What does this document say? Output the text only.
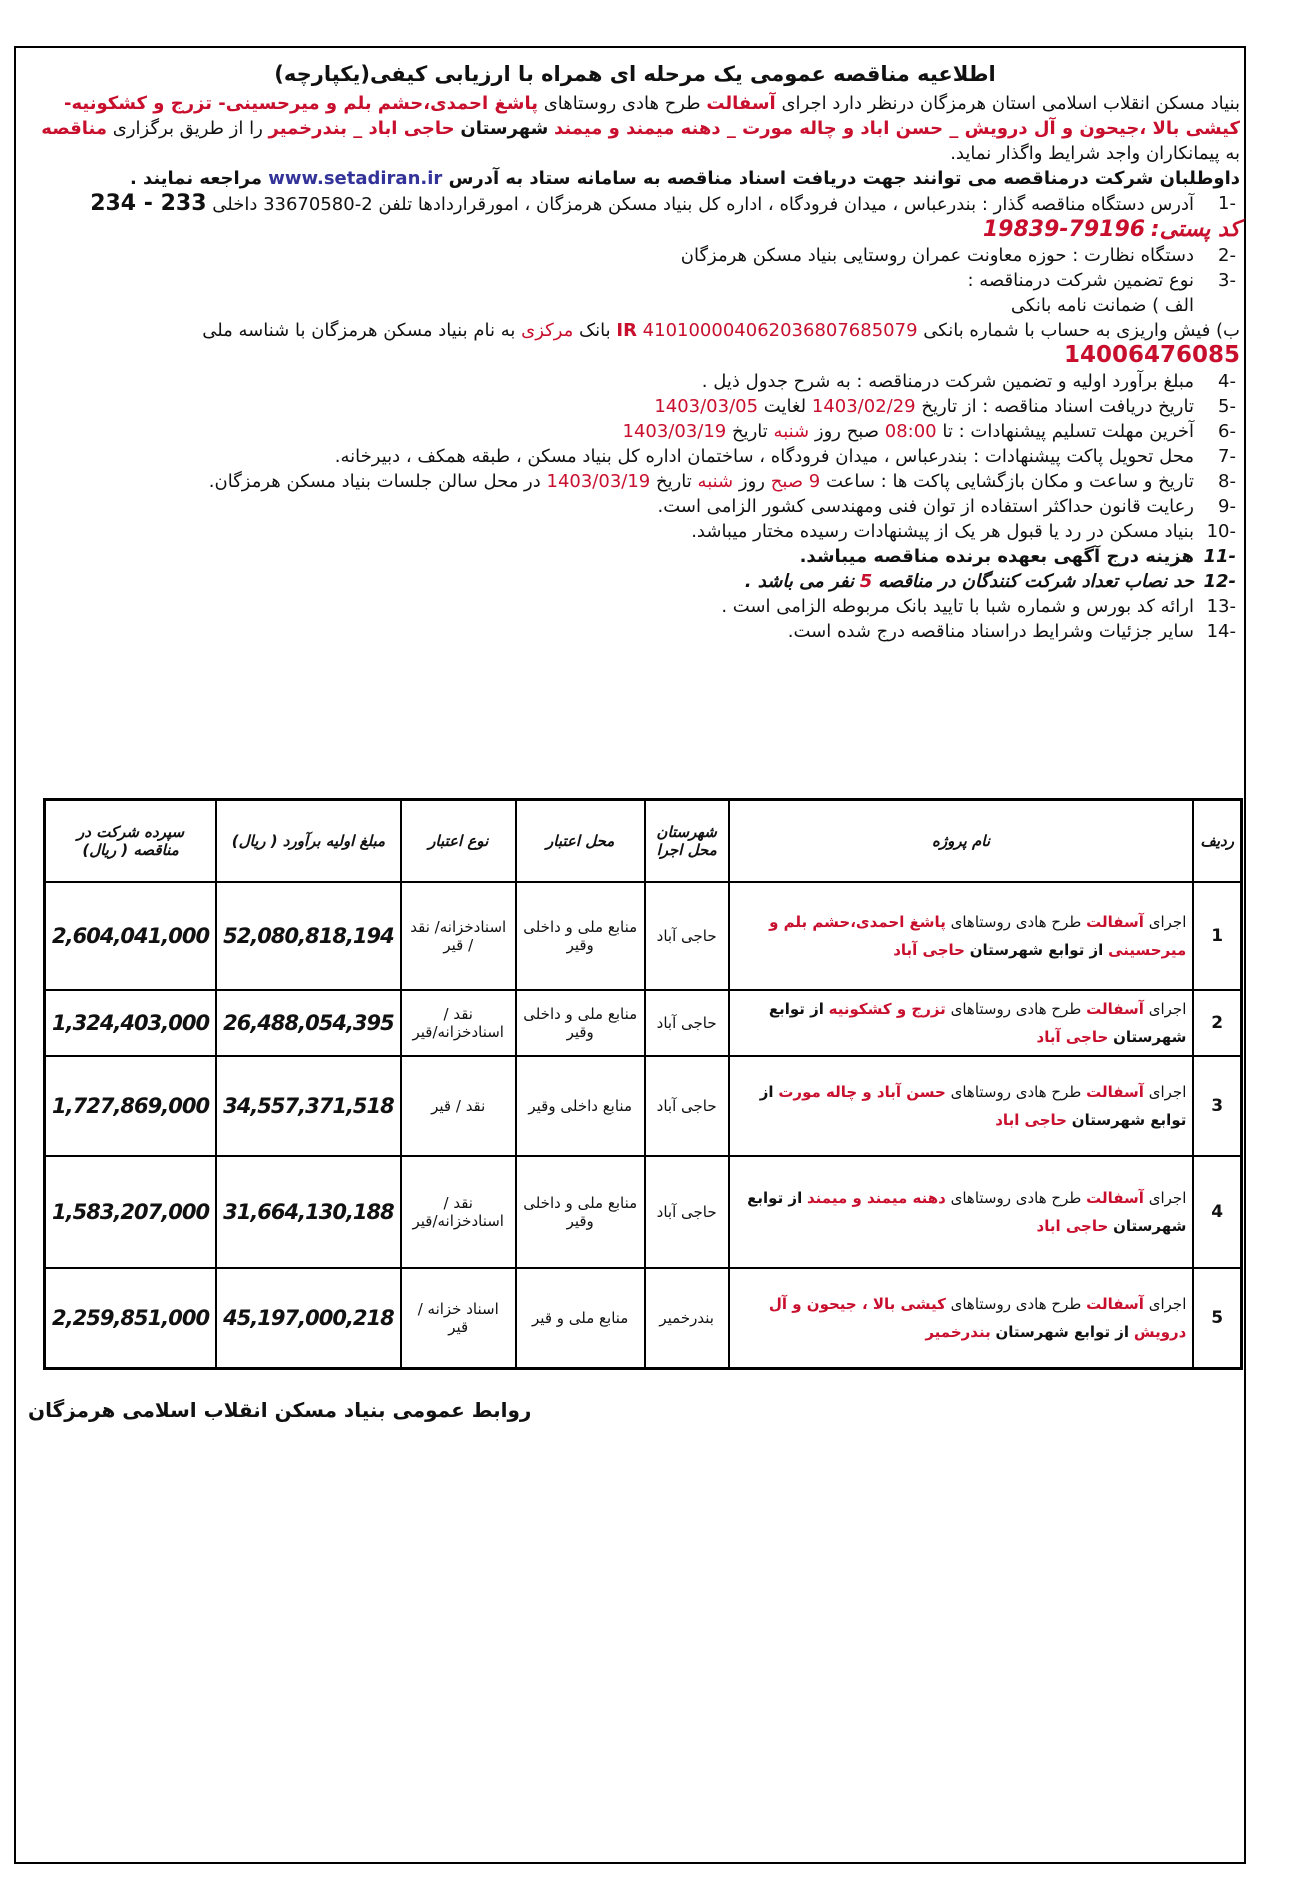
اطلاعیه مناقصه عمومی یک مرحله ای همراه با ارزیابی کیفی(یکپارچه)

بنیاد مسکن انقلاب اسلامی استان هرمزگان درنظر دارد اجرای آسفالت طرح هادی روستاهای پاشغ احمدی،حشم بلم و میرحسینی- تزرج و کشکونیه- کیشی بالا ،جیحون و آل درویش _ حسن اباد و چاله مورت _ دهنه میمند و میمند شهرستان حاجی اباد _ بندرخمیر را از طریق برگزاری مناقصه به پیمانکاران واجد شرایط واگذار نماید.

داوطلبان شرکت درمناقصه می توانند جهت دریافت اسناد مناقصه به سامانه ستاد به آدرس www.setadiran.ir مراجعه نمایند .

-1
آدرس دستگاه مناقصه گذار : بندرعباس ، میدان فرودگاه ، اداره کل بنیاد مسکن هرمزگان ، امورقراردادها تلفن 2-33670580 داخلی 233 - 234
کد پستی: 79196-19839
-2
دستگاه نظارت : حوزه معاونت عمران روستایی بنیاد مسکن هرمزگان
-3
نوع تضمین شرکت درمناقصه :
الف ) ضمانت نامه بانکی
ب) فیش واریزی به حساب با شماره بانکی IR 410100004062036807685079 بانک مرکزی به نام بنیاد مسکن هرمزگان با شناسه ملی 14006476085
-4
مبلغ برآورد اولیه و تضمین شرکت درمناقصه : به شرح جدول ذیل .
-5
تاریخ دریافت اسناد مناقصه : از تاریخ 1403/02/29 لغایت 1403/03/05
-6
آخرین مهلت تسلیم پیشنهادات : تا 08:00 صبح روز شنبه تاریخ 1403/03/19
-7
محل تحویل پاکت پیشنهادات : بندرعباس ، میدان فرودگاه ، ساختمان اداره کل بنیاد مسکن ، طبقه همکف ، دبیرخانه.
-8
تاریخ و ساعت و مکان بازگشایی پاکت ها : ساعت 9 صبح روز شنبه تاریخ 1403/03/19 در محل سالن جلسات بنیاد مسکن هرمزگان.
-9
رعایت قانون حداکثر استفاده از توان فنی ومهندسی کشور الزامی است.
-10
بنیاد مسکن در رد یا قبول هر یک از پیشنهادات رسیده مختار میباشد.
-11
هزینه درج آگهی بعهده برنده مناقصه میباشد.
-12
حد نصاب تعداد شرکت کنندگان در مناقصه 5 نفر می باشد .
-13
ارائه کد بورس و شماره شبا با تایید بانک مربوطه الزامی است .
-14
سایر جزئیات وشرایط دراسناد مناقصه درج شده است.
ردیف	نام پروژه	شهرستان محل اجرا	محل اعتبار	نوع اعتبار	مبلغ اولیه برآورد ( ریال)	سپرده شرکت در مناقصه ( ریال)
1	اجرای آسفالت طرح هادی روستاهای پاشغ احمدی،حشم بلم و میرحسینی از توابع شهرستان حاجی آباد	حاجی آباد	منابع ملی و داخلی وقیر	اسنادخزانه/ نقد / قیر	52,080,818,194	2,604,041,000
2	اجرای آسفالت طرح هادی روستاهای تزرج و کشکونیه از توابع شهرستان حاجی آباد	حاجی آباد	منابع ملی و داخلی وقیر	نقد / اسنادخزانه/قیر	26,488,054,395	1,324,403,000
3	اجرای آسفالت طرح هادی روستاهای حسن آباد و چاله مورت از توابع شهرستان حاجی اباد	حاجی آباد	منابع داخلی وقیر	نقد / قیر	34,557,371,518	1,727,869,000
4	اجرای آسفالت طرح هادی روستاهای دهنه میمند و میمند از توابع شهرستان حاجی اباد	حاجی آباد	منابع ملی و داخلی وقیر	نقد / اسنادخزانه/قیر	31,664,130,188	1,583,207,000
5	اجرای آسفالت طرح هادی روستاهای کیشی بالا ، جیحون و آل درویش از توابع شهرستان بندرخمیر	بندرخمیر	منابع ملی و قیر	اسناد خزانه / قیر	45,197,000,218	2,259,851,000
روابط عمومی بنیاد مسکن انقلاب اسلامی هرمزگان
